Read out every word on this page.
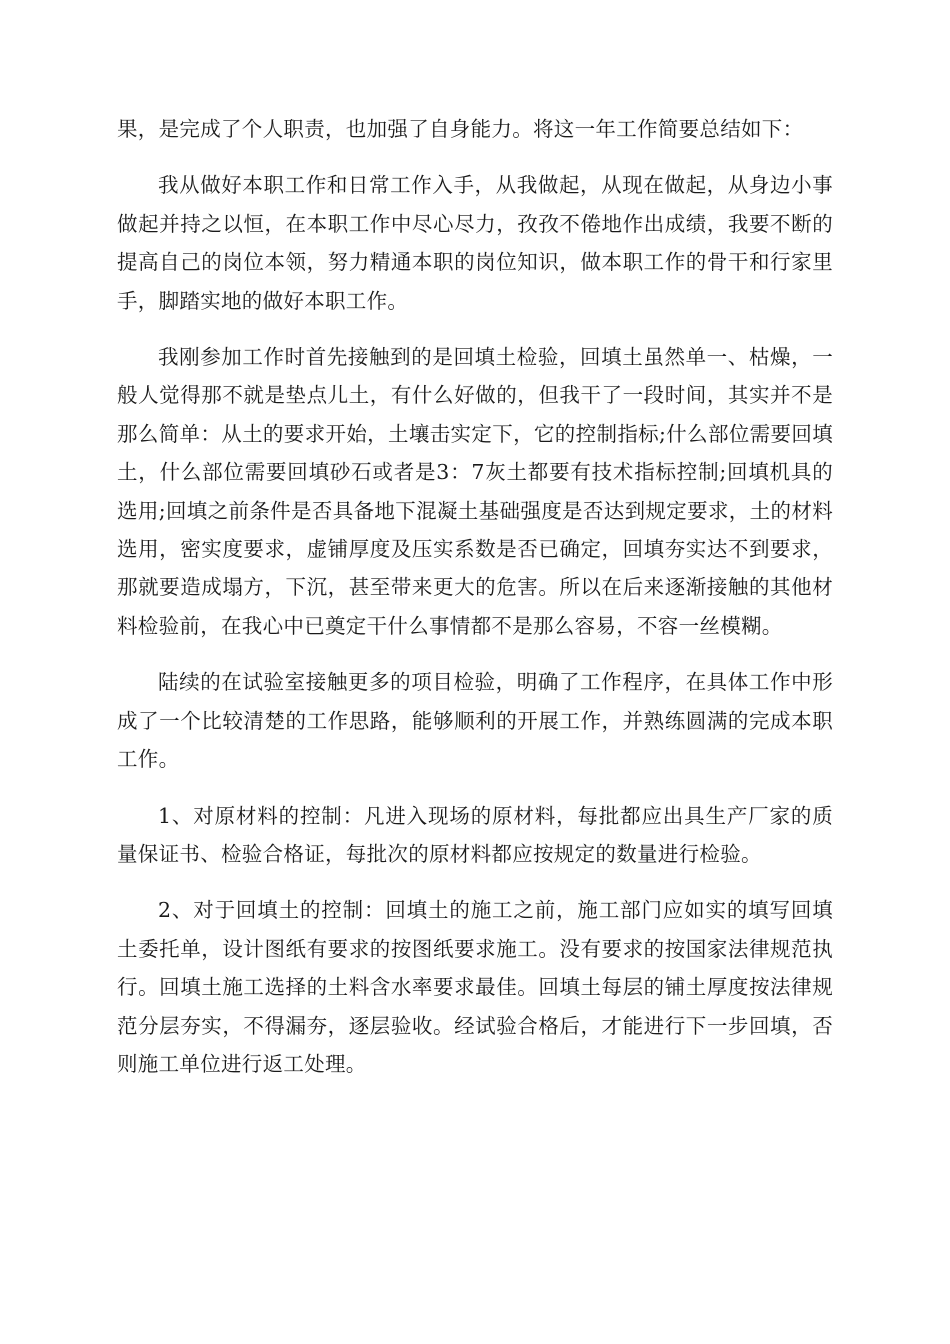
果，是完成了个人职责，也加强了自身能力。将这一年工作简要总结如下：

我从做好本职工作和日常工作入手，从我做起，从现在做起，从身边小事做起并持之以恒，在本职工作中尽心尽力，孜孜不倦地作出成绩，我要不断的提高自己的岗位本领，努力精通本职的岗位知识，做本职工作的骨干和行家里手，脚踏实地的做好本职工作。

我刚参加工作时首先接触到的是回填土检验，回填土虽然单一、枯燥，一般人觉得那不就是垫点儿土，有什么好做的，但我干了一段时间，其实并不是那么简单：从土的要求开始，土壤击实定下，它的控制指标;什么部位需要回填土，什么部位需要回填砂石或者是3：7灰土都要有技术指标控制;回填机具的选用;回填之前条件是否具备地下混凝土基础强度是否达到规定要求，土的材料选用，密实度要求，虚铺厚度及压实系数是否已确定，回填夯实达不到要求，那就要造成塌方，下沉，甚至带来更大的危害。所以在后来逐渐接触的其他材料检验前，在我心中已奠定干什么事情都不是那么容易，不容一丝模糊。

陆续的在试验室接触更多的项目检验，明确了工作程序，在具体工作中形成了一个比较清楚的工作思路，能够顺利的开展工作，并熟练圆满的完成本职工作。

1、对原材料的控制：凡进入现场的原材料，每批都应出具生产厂家的质量保证书、检验合格证，每批次的原材料都应按规定的数量进行检验。

2、对于回填土的控制：回填土的施工之前，施工部门应如实的填写回填土委托单，设计图纸有要求的按图纸要求施工。没有要求的按国家法律规范执行。回填土施工选择的土料含水率要求最佳。回填土每层的铺土厚度按法律规范分层夯实，不得漏夯，逐层验收。经试验合格后，才能进行下一步回填，否则施工单位进行返工处理。
